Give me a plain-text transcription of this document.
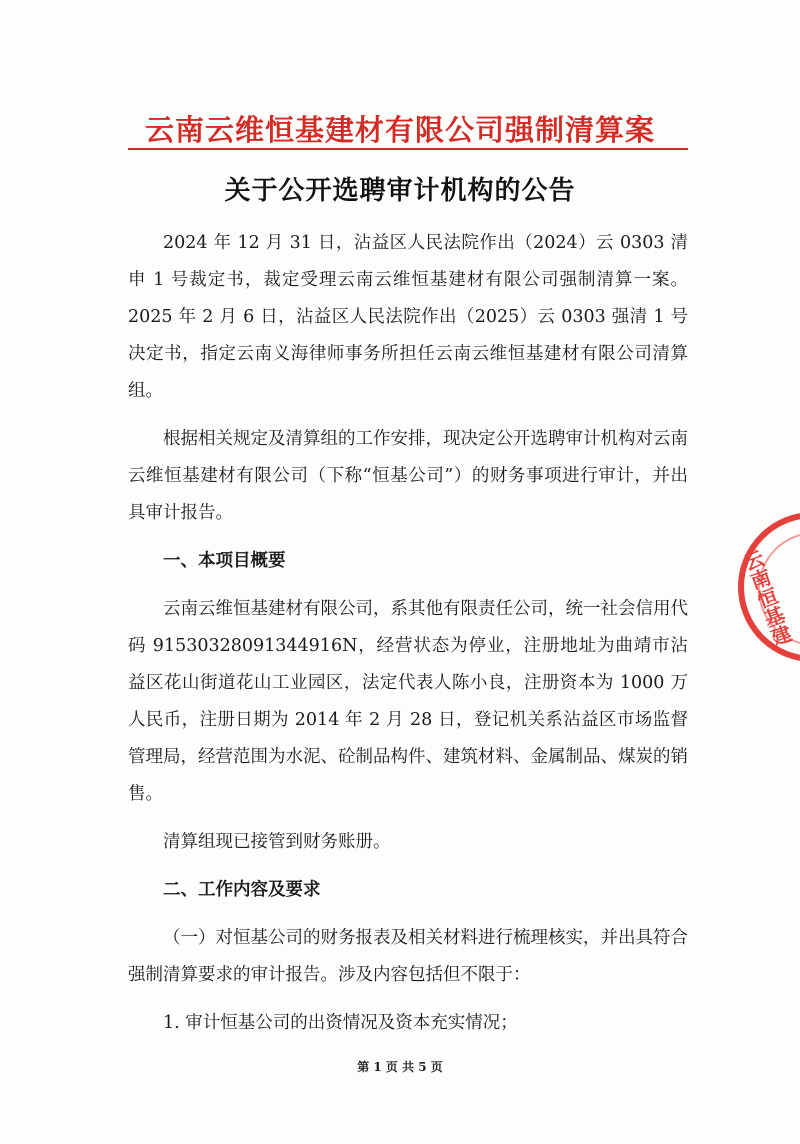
云南云维恒基建材有限公司强制清算案
关于公开选聘审计机构的公告

2024 年 12 月 31 日，沾益区人民法院作出（2024）云 0303 清申 1 号裁定书，裁定受理云南云维恒基建材有限公司强制清算一案。2025 年 2 月 6 日，沾益区人民法院作出（2025）云 0303 强清 1 号决定书，指定云南义海律师事务所担任云南云维恒基建材有限公司清算组。

根据相关规定及清算组的工作安排，现决定公开选聘审计机构对云南云维恒基建材有限公司（下称“恒基公司”）的财务事项进行审计，并出具审计报告。

一、本项目概要

云南云维恒基建材有限公司，系其他有限责任公司，统一社会信用代码 91530328091344916N，经营状态为停业，注册地址为曲靖市沾益区花山街道花山工业园区，法定代表人陈小良，注册资本为 1000 万人民币，注册日期为 2014 年 2 月 28 日，登记机关系沾益区市场监督管理局，经营范围为水泥、砼制品构件、建筑材料、金属制品、煤炭的销售。

清算组现已接管到财务账册。

二、工作内容及要求

（一）对恒基公司的财务报表及相关材料进行梳理核实，并出具符合强制清算要求的审计报告。涉及内容包括但不限于：

1. 审计恒基公司的出资情况及资本充实情况；

云南恒基建
第 1 页 共 5 页
